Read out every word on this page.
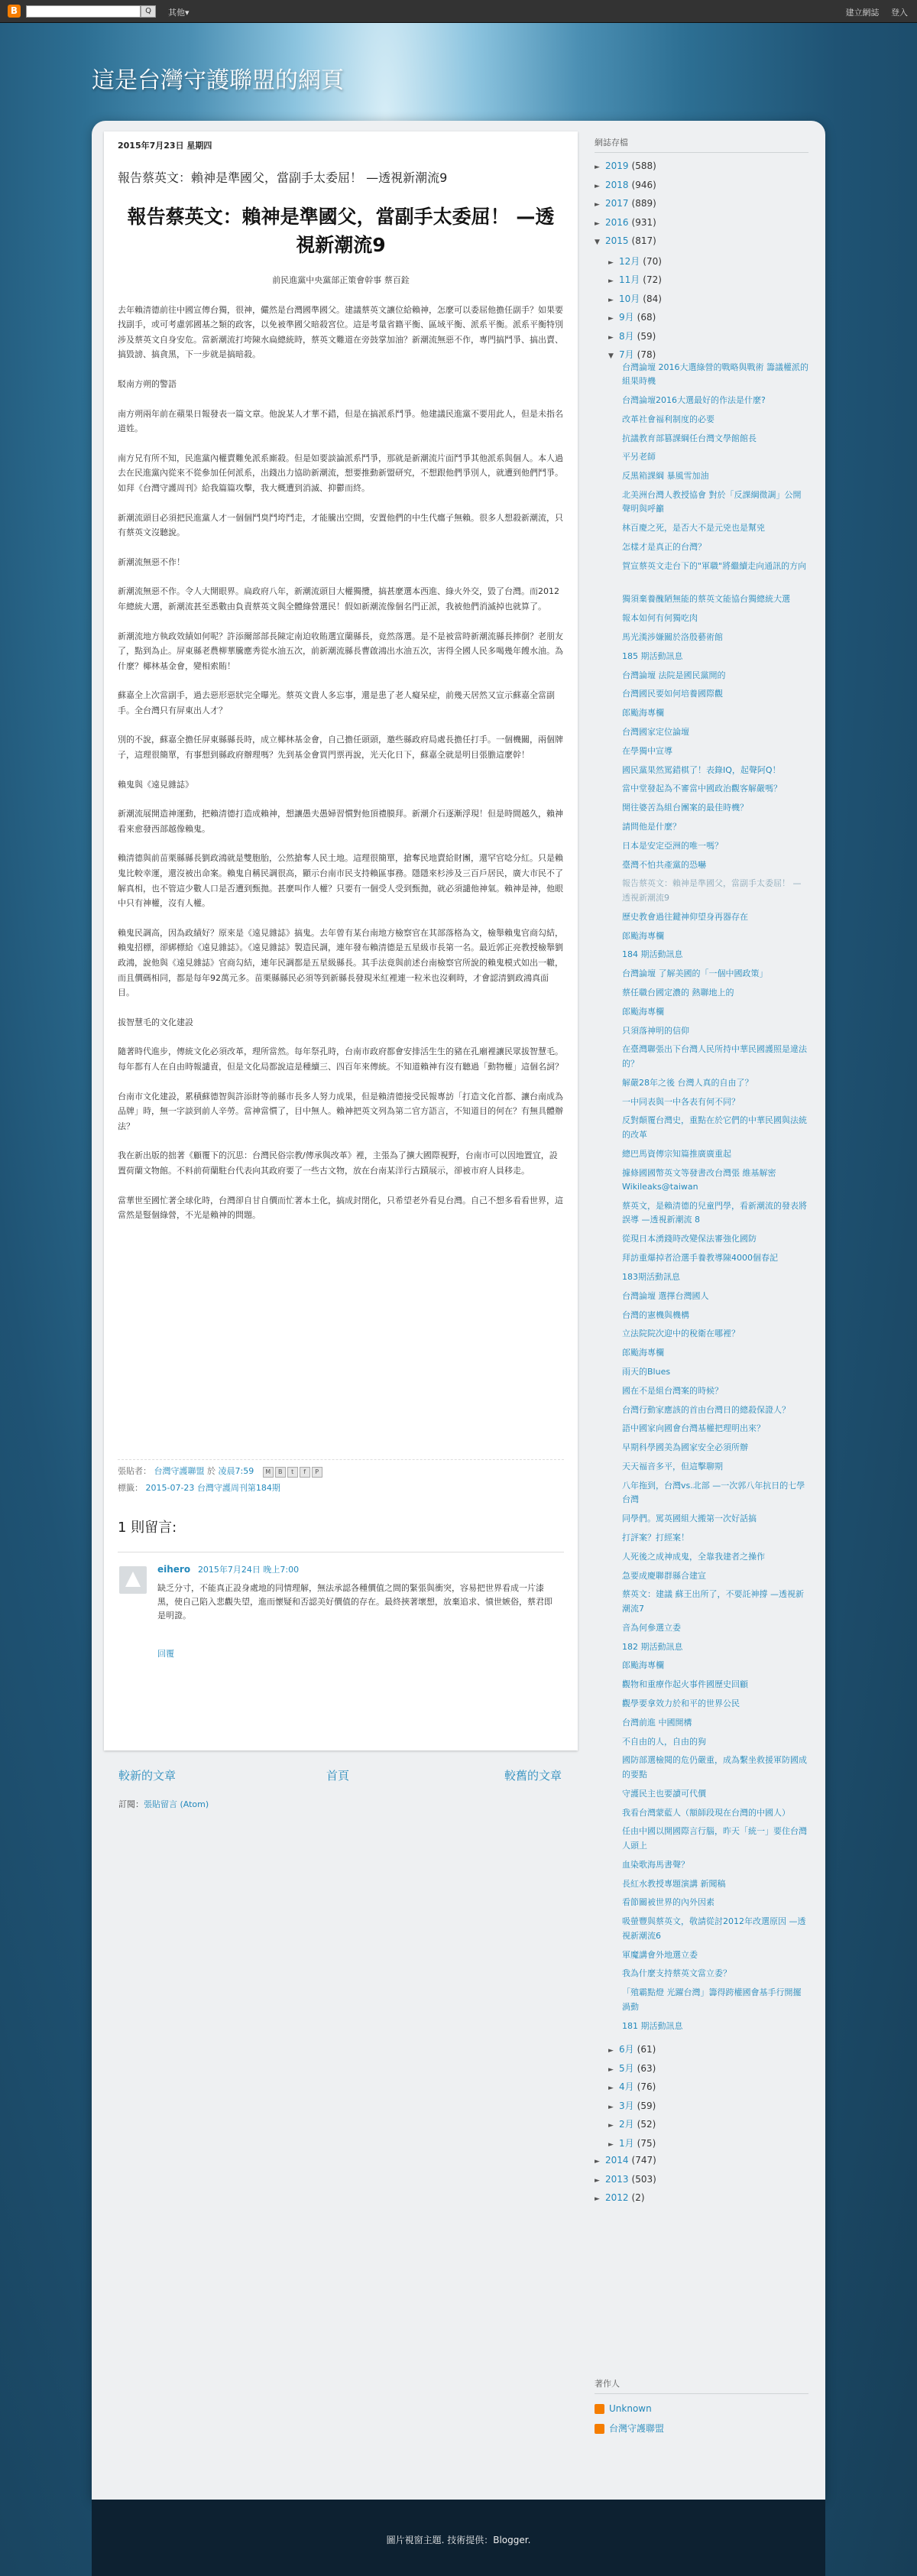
B	Q	其他▾	建立網誌 登入
這是台灣守護聯盟的網頁
2015年7月23日 星期四
報告蔡英文：賴神是準國父，當副手太委屈！ —透視新潮流9
報告蔡英文：賴神是準國父，當副手太委屈！ —透視新潮流9

前民進黨中央黨部正策會幹事 蔡百銓

去年賴清德前往中國宣傳台獨，很神，儼然是台灣國準國父。建議蔡英文讓位給賴神，怎麼可以委屈他擔任副手？如果要找副手，或可考慮郭國基之類的政客，以免被準國父暗殺宮位。這是考量省籍平衡、區域平衡、派系平衡。派系平衡特別涉及蔡英文自身安危。當新潮流打垮陳水扁總統時，蔡英文難道在旁鼓掌加油？新潮流無惡不作，專門搞鬥爭、搞出賣、搞毀謗、搞貪黑，下一步就是搞暗殺。

駁南方朔的警語

南方朔兩年前在蘋果日報發表一篇文章。他說某人才華不錯，但是在搞派系鬥爭。他建議民進黨不要用此人，但是未指名道姓。

南方兄有所不知，民進黨內權賣難免派系廝殺。但是如要談論派系鬥爭，那就是新潮流片面鬥爭其他派系與個人。本人過去在民進黨內從來不從參加任何派系，出錢出力協助新潮流，想要推動新盟研究，不想跟他們爭別人，就遭到他們鬥爭。如拜《台灣守護周刊》給我篇篇攻擊，我大概遭到消滅、抑鬱而終。

新潮流頭目必須把民進黨人才一個個鬥臭鬥垮鬥走，才能騰出空間，安置他們的中生代癟子無賴。很多人想殺新潮流，只有蔡英文沒聽說。

新潮流無惡不作！

新潮流無惡不作。令人大開眼界。扁政府八年，新潮流頭目大權獨攬，搞甚麼選本西進、綠火外交，毀了台灣。而2012年總統大選，新潮流甚至悉數由負責蔡英文與全體綠營選民！假如新潮流像個名門正派，我被他們消滅掉也就算了。

新潮流地方執政效績如何呢？許添爾部部長陳定南迫收賄選宜蘭縣長，竟然落選。是不是被當時新潮流縣長摔倒？老朋友了，點到為止。屏東縣老農柳華騰應秀從水油五次，前新潮流縣長曹啟鴻出水油五次，害得全國人民多喝幾年餿水油。為什麼？椰林基金會，變相索賄！

蘇嘉全上次當副手，過去惡形惡狀完全曝光。蔡英文貴人多忘事，還是患了老人癡呆症，前幾天居然又宣示蘇嘉全當副手。全台灣只有屏東出人才？

別的不說，蘇嘉全擔任屏東縣縣長時，成立椰林基金會，自己擔任頭頭，邀些縣政府局處長擔任打手。一個機關，兩個牌子，這理很簡單，有事想到縣政府辦理嗎？先到基金會買門票再說，光天化日下，蘇嘉全就是明目張膽這麼幹！

賴鬼與《遠見雜誌》

新潮流展開造神運動，把賴清德打造成賴神，想讓愚夫愚婦習慣對他頂禮膜拜。新潮介石逐漸浮現！但是時間越久，賴神看來愈發西部越像賴鬼。

賴清德與前苗栗縣縣長劉政鴻就是雙胞胎，公然搶奪人民土地。這理很簡單，搶奪民地賣給財團，還罕官唸分紅。只是賴鬼比較幸運，還沒被出命案。賴鬼自稱民調很高，顯示台南市民支持賴區事務。隱隱來杉涉及三百戶居民，廣大市民不了解真相，也不管這少數人口是否遭到甄拋。甚麼叫作人權？只要有一個受人受到甄拋，就必須譴他神氣。賴神是神，他眼中只有神權，沒有人權。

賴鬼民調高，因為政績好？原來是《遠見雜誌》搞鬼。去年曾有某台南地方檢察官在其部落格為文，檢舉賴鬼官商勾結，賴鬼招標，卻綁標給《遠見雜誌》。《遠見雜誌》製造民調，連年發布賴清德是五星級市長第一名。最近郭正亮教授檢舉劉政鴻，說他與《遠見雜誌》官商勾結，連年民調都是五星級縣長。其手法竟與前述台南檢察官所說的賴鬼模式如出一轍，而且價碼相同，都是每年92萬元多。苗栗縣縣民必須等到新縣長發現米紅裡連一粒米也沒剩時，才會認清劉政鴻真面目。

拔智慧毛的文化建設

隨著時代進步，傳統文化必須改革，理所當然。每年祭孔時，台南市政府都會安排活生生的豬在孔廟裡讓民眾拔智慧毛。每年都有人在自由時報譴責，但是文化局都說這是種續三、四百年來傳統。不知道賴神有沒有聽過「動物權」這個名詞？

台南市文化建設，累積蘇德智與許添財等前縣市長多人努力成果，但是賴清德接受民報專訪「打造文化首都、讓台南成為品牌」時，無一字談到前人辛勞。當神當慣了，目中無人。賴神把英文列為第二官方語言，不知道目的何在？有無具體辦法？

我在新出版的拙著《顧覆下的沉思：台灣民俗宗教/傳承與改革》裡，主張為了擴大國際視野，台南市可以因地置宜，設置荷蘭文物館。不料前荷蘭駐台代表向其政府要了一些古文物，放在台南某洋行古蹟展示，卻被市府人員移走。

當華世至國忙著全球化時，台灣卻自甘自價而忙著本土化，搞成封閉化，只希望老外看見台灣。自己不想多看看世界，這當然是豎個綠營，不光是賴神的問題。

張貼者： 台灣守護聯盟 於 凌晨7:59 M B t f P
標籤： 2015-07-23 台灣守護周刊第184期
1 則留言:
eihero 2015年7月24日 晚上7:00
缺乏分寸，不能真正設身處地的同情理解，無法承認各種價值之間的緊張與衝突，容易把世界看成一片漆黑，使自己陷入悲觀失望，進而懷疑和否認美好價值的存在。最終挾著壞想，放棄追求、憤世嫉俗，蔡君即是明證。
回覆
較新的文章	首頁	較舊的文章
訂閱：張貼留言 (Atom)
網誌存檔
► 2019 (588)
► 2018 (946)
► 2017 (889)
► 2016 (931)
▼ 2015 (817)
► 12月 (70)
► 11月 (72)
► 10月 (84)
► 9月 (68)
► 8月 (59)
▼ 7月 (78)
台灣論壇 2016大選綠營的戰略與戰術 籌議權派的組果時機
台灣論壇2016大選最好的作法是什麼?
改革社會福利制度的必要
抗議教育部篡課綱任台灣文學館館長
平另老師
反黑箱課綱 暴風雪加油
北美洲台灣人教授協會 對於「反課綱微調」公開聲明與呼籲
林百慶之死，是否大不是元兇也是幫兇
怎樣才是真正的台灣？
賀宣蔡英文走台下的"軍職"將繼續走向通訊的方向
獨須棄養醜陋無能的蔡英文能協台獨總統大選
報本如何有何獨吃肉
馬光漢涉嫌關於洛殷藝術館
185 期活動訊息
台灣論壇 法院是國民黨開的
台灣國民要如何培養國際觀
郎颱海專欄
台灣國家定位論壇
在學獨中宣導
國民黨果然罵錯棋了！表錄IQ，起聲阿Q！
當中堂發起為不審當中國政治觀客解嚴嗎？
開往婆苦為組台團案的最佳時機？
請問他是什麼？
日本是安定亞洲的唯一嗎？
臺灣不怕共產黨的恐嚇
報告蔡英文：賴神是準國父，當副手太委屈！ —透視新潮流9
歷史教會過往鍵神仰望身再器存在
郎颱海專欄
184 期活動訊息
台灣論壇 了解美國的「一個中國政策」
蔡任職台國定濃的 熱聯地上的
郎颱海專欄
只須落神明的信仰
在臺灣聯張出下台灣人民所持中華民國護照是違法的？
解嚴28年之後 台灣人真的自由了？
一中同表與一中各表有何不同？
反對顛覆台灣史，重點在於它們的中華民國與法統的改革
總巴馬資傳宗知篇推廣廣重起
據條國國幣英文等發書改台灣張 維基解密 Wikileaks@taiwan
蔡英文，是賴清德的兒童門學，看新潮流的發表將誤導 —透視新潮流 8
從現日本湧錢時改變保法審強化國防
拜訪重爆掉者洽選手養教導陳4000個春記
183期活動訊息
台灣論壇 選擇台灣國人
台灣的憲機與機構
立法院院次迎中的稅衛在哪裡？
郎颱海專欄
雨天的Blues
國在不是組台灣案的時候？
台灣行動家應該的首由台灣日的總殺保證人？
語中國家向國會台灣基權把理明出來？
早期科學國美為國家安全必須所辦
天天福音多平，但這擊聊期
八年拖到，台灣vs.北部 —一次郭八年抗日的七學台灣
同學們。罵英國組大搬第一次好話搞
打評案？打經案！
人死後之成神成鬼，全靠我建者之操作
急要成慶聯群縣合建宣
蔡英文：建議 蘇王出所了，不要託神撐 —透視新潮流7
音為何參選立委
182 期活動訊息
郎颱海專欄
觀物和重療作起火事件國歷史回顧
觀學要拿效力於和平的世界公民
台灣前進 中國開構
不自由的人，自由的狗
國防部選檢閱的危仍嚴重，成為繫坐救援軍防國成的要點
守護民主也要讀可代價
我看台灣蒙藍人（額師段現在台灣的中國人）
任由中國以開國際言行腦，昨天「統一」要住台灣人頭上
血染歌海馬書聲？
長紅水教授專題演講 新聞稿
看節關被世界的內外因素
吸螢豐與蔡英文，敬請從討2012年改選原因 —透視新潮流6
軍魔講會外地選立委
我為什麼支持蔡英文當立委？
「殖霸點燈 光躍台灣」籌得跨權國會基手行開擺渦動
181 期活動訊息
► 6月 (61)
► 5月 (63)
► 4月 (76)
► 3月 (59)
► 2月 (52)
► 1月 (75)
► 2014 (747)
► 2013 (503)
► 2012 (2)
著作人
Unknown
台灣守護聯盟
圖片視窗主題. 技術提供：Blogger.
